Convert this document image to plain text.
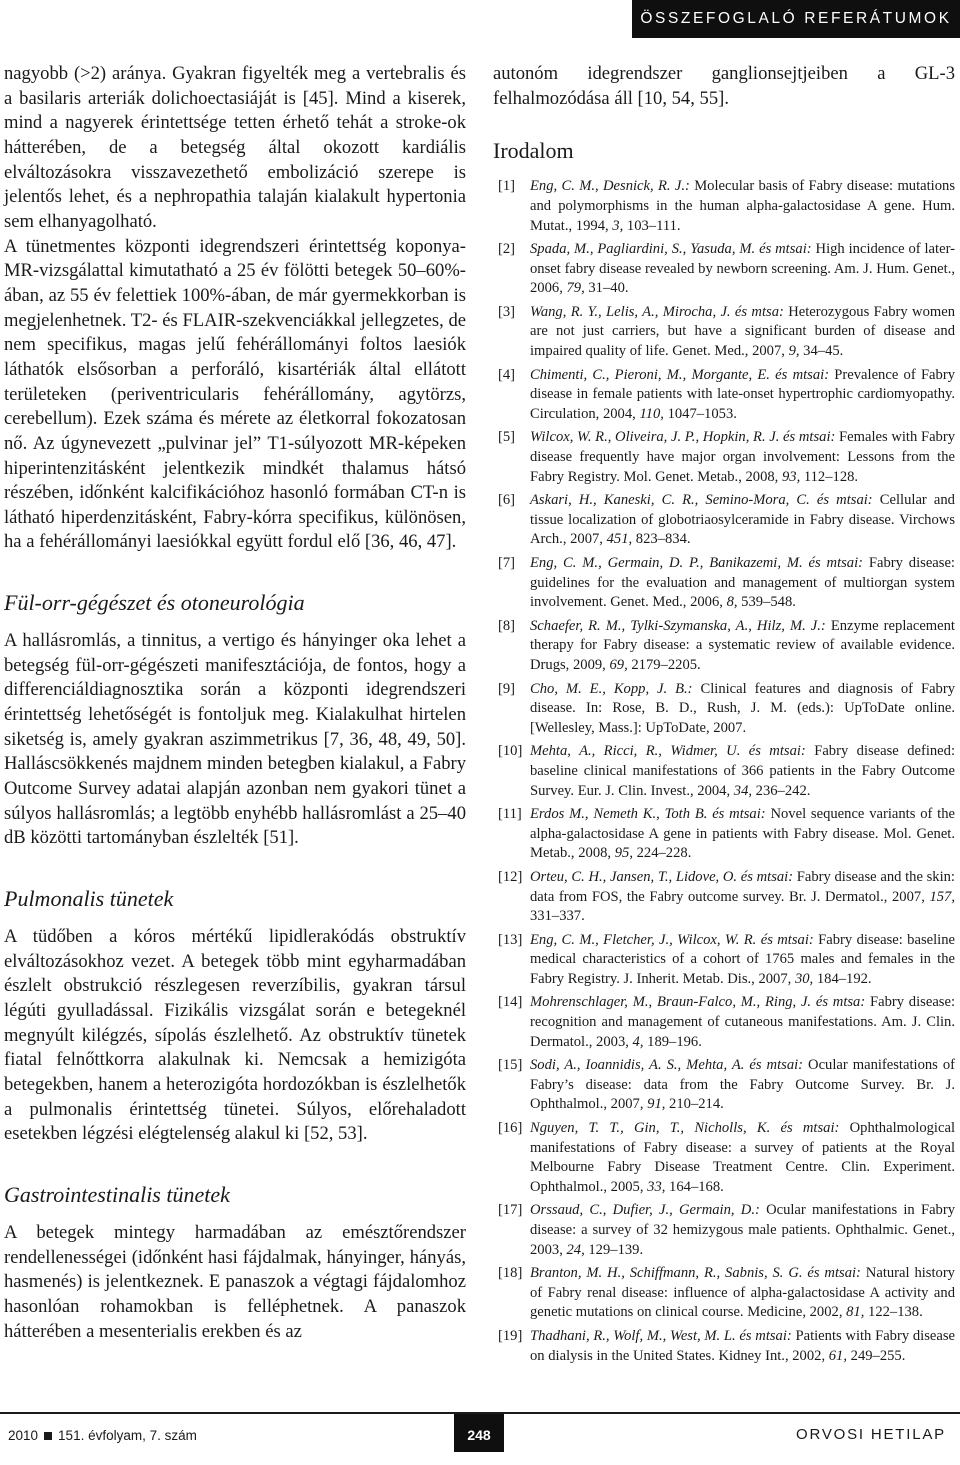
ÖSSZEFOGLALÓ REFERÁTUMOK

nagyobb (>2) aránya. Gyakran figyelték meg a vertebralis és a basilaris arteriák dolichoectasiáját is [45]. Mind a kiserek, mind a nagyerek érintettsége tetten érhető tehát a stroke-ok hátterében, de a betegség által okozott kardiális elváltozásokra visszavezethető embolizáció szerepe is jelentős lehet, és a nephropathia talaján kialakult hypertonia sem elhanyagolható.

A tünetmentes központi idegrendszeri érintettség koponya-MR-vizsgálattal kimutatható a 25 év fölötti betegek 50–60%-ában, az 55 év felettiek 100%-ában, de már gyermekkorban is megjelenhetnek. T2- és FLAIR-szekvenciákkal jellegzetes, de nem specifikus, magas jelű fehérállományi foltos laesiók láthatók elsősorban a perforáló, kisartériák által ellátott területeken (periventricularis fehérállomány, agytörzs, cerebellum). Ezek száma és mérete az életkorral fokozatosan nő. Az úgynevezett „pulvinar jel” T1-súlyozott MR-képeken hiperintenzitásként jelentkezik mindkét thalamus hátsó részében, időnként kalcifikációhoz hasonló formában CT-n is látható hiperdenzitásként, Fabry-kórra specifikus, különösen, ha a fehérállományi laesiókkal együtt fordul elő [36, 46, 47].

Fül-orr-gégészet és otoneurológia

A hallásromlás, a tinnitus, a vertigo és hányinger oka lehet a betegség fül-orr-gégészeti manifesztációja, de fontos, hogy a differenciáldiagnosztika során a központi idegrendszeri érintettség lehetőségét is fontoljuk meg. Kialakulhat hirtelen siketség is, amely gyakran aszimmetrikus [7, 36, 48, 49, 50]. Halláscsökkenés majdnem minden betegben kialakul, a Fabry Outcome Survey adatai alapján azonban nem gyakori tünet a súlyos hallásromlás; a legtöbb enyhébb hallásromlást a 25–40 dB közötti tartományban észlelték [51].

Pulmonalis tünetek

A tüdőben a kóros mértékű lipidlerakódás obstruktív elváltozásokhoz vezet. A betegek több mint egyharmadában észlelt obstrukció részlegesen reverzíbilis, gyakran társul légúti gyulladással. Fizikális vizsgálat során e betegeknél megnyúlt kilégzés, sípolás észlelhető. Az obstruktív tünetek fiatal felnőttkorra alakulnak ki. Nemcsak a hemizigóta betegekben, hanem a heterozigóta hordozókban is észlelhetők a pulmonalis érintettség tünetei. Súlyos, előrehaladott esetekben légzési elégtelenség alakul ki [52, 53].

Gastrointestinalis tünetek

A betegek mintegy harmadában az emésztőrendszer rendellenességei (időnként hasi fájdalmak, hányinger, hányás, hasmenés) is jelentkeznek. E panaszok a végtagi fájdalomhoz hasonlóan rohamokban is felléphetnek. A panaszok hátterében a mesenterialis erekben és az

autonóm idegrendszer ganglionsejtjeiben a GL-3 felhalmozódása áll [10, 54, 55].

Irodalom
[1] Eng, C. M., Desnick, R. J.: Molecular basis of Fabry disease: mutations and polymorphisms in the human alpha-galactosidase A gene. Hum. Mutat., 1994, 3, 103–111.
[2] Spada, M., Pagliardini, S., Yasuda, M. és mtsai: High incidence of later-onset fabry disease revealed by newborn screening. Am. J. Hum. Genet., 2006, 79, 31–40.
[3] Wang, R. Y., Lelis, A., Mirocha, J. és mtsa: Heterozygous Fabry women are not just carriers, but have a significant burden of disease and impaired quality of life. Genet. Med., 2007, 9, 34–45.
[4] Chimenti, C., Pieroni, M., Morgante, E. és mtsai: Prevalence of Fabry disease in female patients with late-onset hypertrophic cardiomyopathy. Circulation, 2004, 110, 1047–1053.
[5] Wilcox, W. R., Oliveira, J. P., Hopkin, R. J. és mtsai: Females with Fabry disease frequently have major organ involvement: Lessons from the Fabry Registry. Mol. Genet. Metab., 2008, 93, 112–128.
[6] Askari, H., Kaneski, C. R., Semino-Mora, C. és mtsai: Cellular and tissue localization of globotriaosylceramide in Fabry disease. Virchows Arch., 2007, 451, 823–834.
[7] Eng, C. M., Germain, D. P., Banikazemi, M. és mtsai: Fabry disease: guidelines for the evaluation and management of multiorgan system involvement. Genet. Med., 2006, 8, 539–548.
[8] Schaefer, R. M., Tylki-Szymanska, A., Hilz, M. J.: Enzyme replacement therapy for Fabry disease: a systematic review of available evidence. Drugs, 2009, 69, 2179–2205.
[9] Cho, M. E., Kopp, J. B.: Clinical features and diagnosis of Fabry disease. In: Rose, B. D., Rush, J. M. (eds.): UpToDate online. [Wellesley, Mass.]: UpToDate, 2007.
[10] Mehta, A., Ricci, R., Widmer, U. és mtsai: Fabry disease defined: baseline clinical manifestations of 366 patients in the Fabry Outcome Survey. Eur. J. Clin. Invest., 2004, 34, 236–242.
[11] Erdos M., Nemeth K., Toth B. és mtsai: Novel sequence variants of the alpha-galactosidase A gene in patients with Fabry disease. Mol. Genet. Metab., 2008, 95, 224–228.
[12] Orteu, C. H., Jansen, T., Lidove, O. és mtsai: Fabry disease and the skin: data from FOS, the Fabry outcome survey. Br. J. Dermatol., 2007, 157, 331–337.
[13] Eng, C. M., Fletcher, J., Wilcox, W. R. és mtsai: Fabry disease: baseline medical characteristics of a cohort of 1765 males and females in the Fabry Registry. J. Inherit. Metab. Dis., 2007, 30, 184–192.
[14] Mohrenschlager, M., Braun-Falco, M., Ring, J. és mtsa: Fabry disease: recognition and management of cutaneous manifestations. Am. J. Clin. Dermatol., 2003, 4, 189–196.
[15] Sodi, A., Ioannidis, A. S., Mehta, A. és mtsai: Ocular manifestations of Fabry’s disease: data from the Fabry Outcome Survey. Br. J. Ophthalmol., 2007, 91, 210–214.
[16] Nguyen, T. T., Gin, T., Nicholls, K. és mtsai: Ophthalmological manifestations of Fabry disease: a survey of patients at the Royal Melbourne Fabry Disease Treatment Centre. Clin. Experiment. Ophthalmol., 2005, 33, 164–168.
[17] Orssaud, C., Dufier, J., Germain, D.: Ocular manifestations in Fabry disease: a survey of 32 hemizygous male patients. Ophthalmic. Genet., 2003, 24, 129–139.
[18] Branton, M. H., Schiffmann, R., Sabnis, S. G. és mtsai: Natural history of Fabry renal disease: influence of alpha-galactosidase A activity and genetic mutations on clinical course. Medicine, 2002, 81, 122–138.
[19] Thadhani, R., Wolf, M., West, M. L. és mtsai: Patients with Fabry disease on dialysis in the United States. Kidney Int., 2002, 61, 249–255.
2010 151. évfolyam, 7. szám	248	ORVOSI HETILAP
